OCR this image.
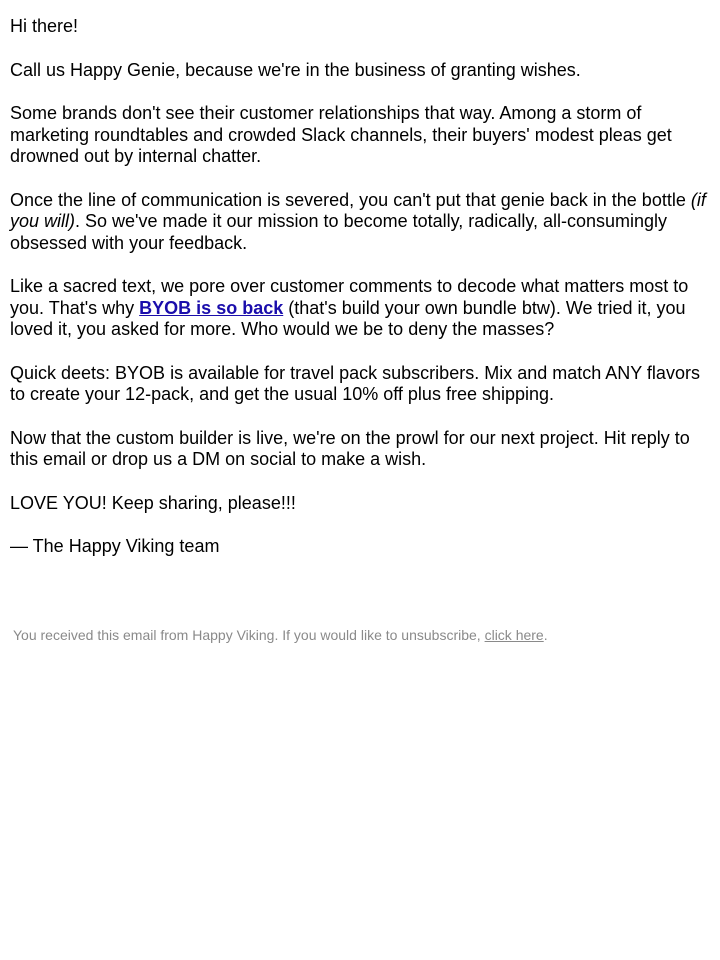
Hi there!

Call us Happy Genie, because we're in the business of granting wishes.

Some brands don't see their customer relationships that way. Among a storm of marketing roundtables and crowded Slack channels, their buyers' modest pleas get drowned out by internal chatter.

Once the line of communication is severed, you can't put that genie back in the bottle (if you will). So we've made it our mission to become totally, radically, all-consumingly obsessed with your feedback.

Like a sacred text, we pore over customer comments to decode what matters most to you. That's why BYOB is so back (that's build your own bundle btw). We tried it, you loved it, you asked for more. Who would we be to deny the masses?

Quick deets: BYOB is available for travel pack subscribers. Mix and match ANY flavors to create your 12-pack, and get the usual 10% off plus free shipping.

Now that the custom builder is live, we're on the prowl for our next project. Hit reply to this email or drop us a DM on social to make a wish.

LOVE YOU! Keep sharing, please!!!

— The Happy Viking team

You received this email from Happy Viking. If you would like to unsubscribe, click here.
